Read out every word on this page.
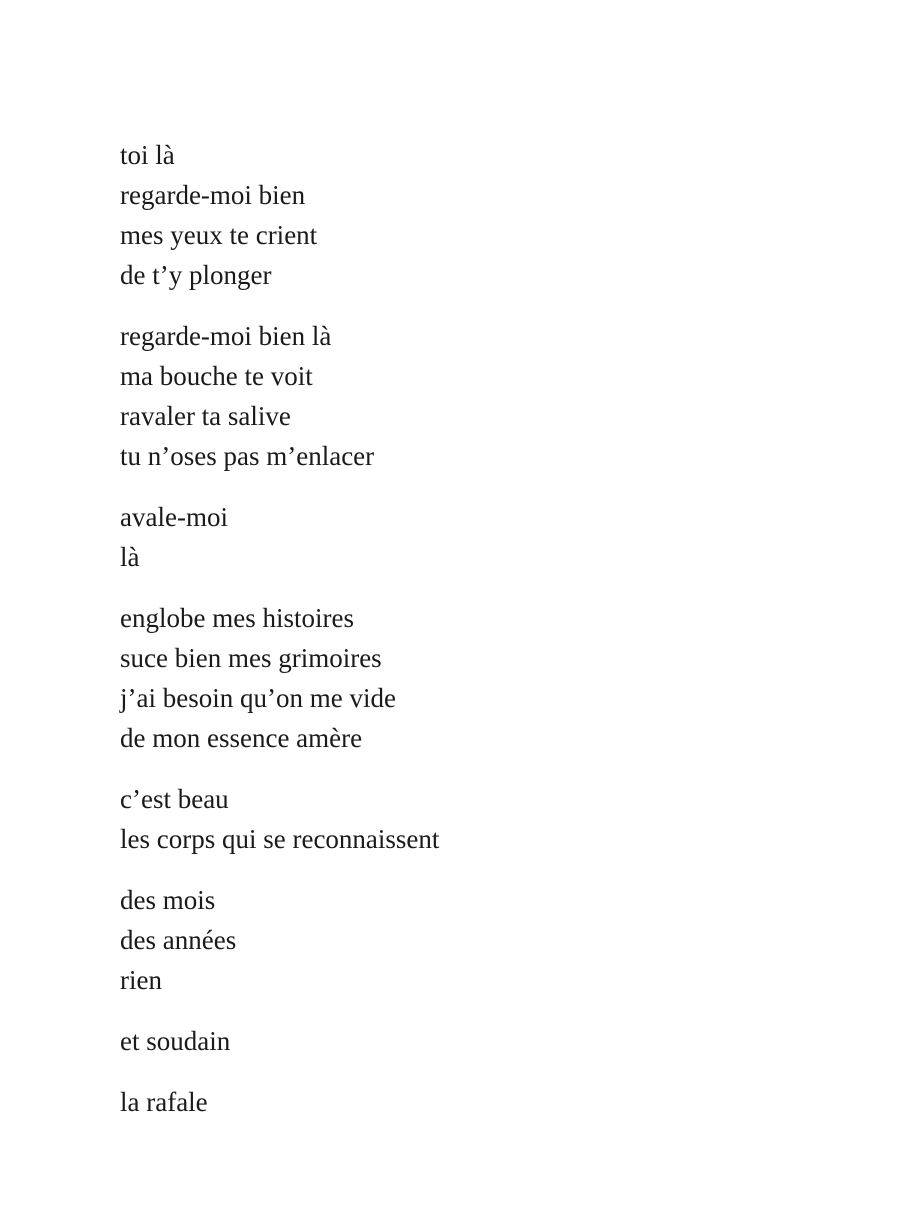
toi là
regarde-moi bien
mes yeux te crient
de t’y plonger
regarde-moi bien là
ma bouche te voit
ravaler ta salive
tu n’oses pas m’enlacer
avale-moi
là
englobe mes histoires
suce bien mes grimoires
j’ai besoin qu’on me vide
de mon essence amère
c’est beau
les corps qui se reconnaissent
des mois
des années
rien
et soudain
la rafale
